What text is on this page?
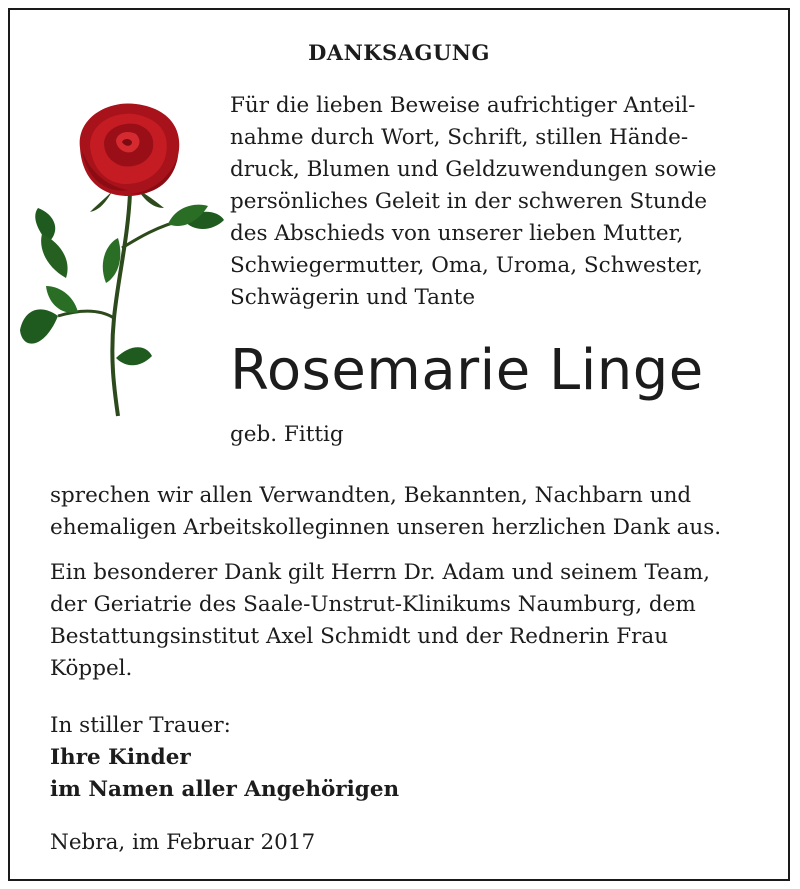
DANKSAGUNG
Für die lieben Beweise aufrichtiger Anteil-
nahme durch Wort, Schrift, stillen Hände-
druck, Blumen und Geldzuwendungen sowie
persönliches Geleit in der schweren Stunde
des Abschieds von unserer lieben Mutter,
Schwiegermutter, Oma, Uroma, Schwester,
Schwägerin und Tante
Rosemarie Linge
geb. Fittig
sprechen wir allen Verwandten, Bekannten, Nachbarn und
ehemaligen Arbeitskolleginnen unseren herzlichen Dank aus.
Ein besonderer Dank gilt Herrn Dr. Adam und seinem Team,
der Geriatrie des Saale-Unstrut-Klinikums Naumburg, dem
Bestattungsinstitut Axel Schmidt und der Rednerin Frau
Köppel.
In stiller Trauer:
Ihre Kinder
im Namen aller Angehörigen
Nebra, im Februar 2017
